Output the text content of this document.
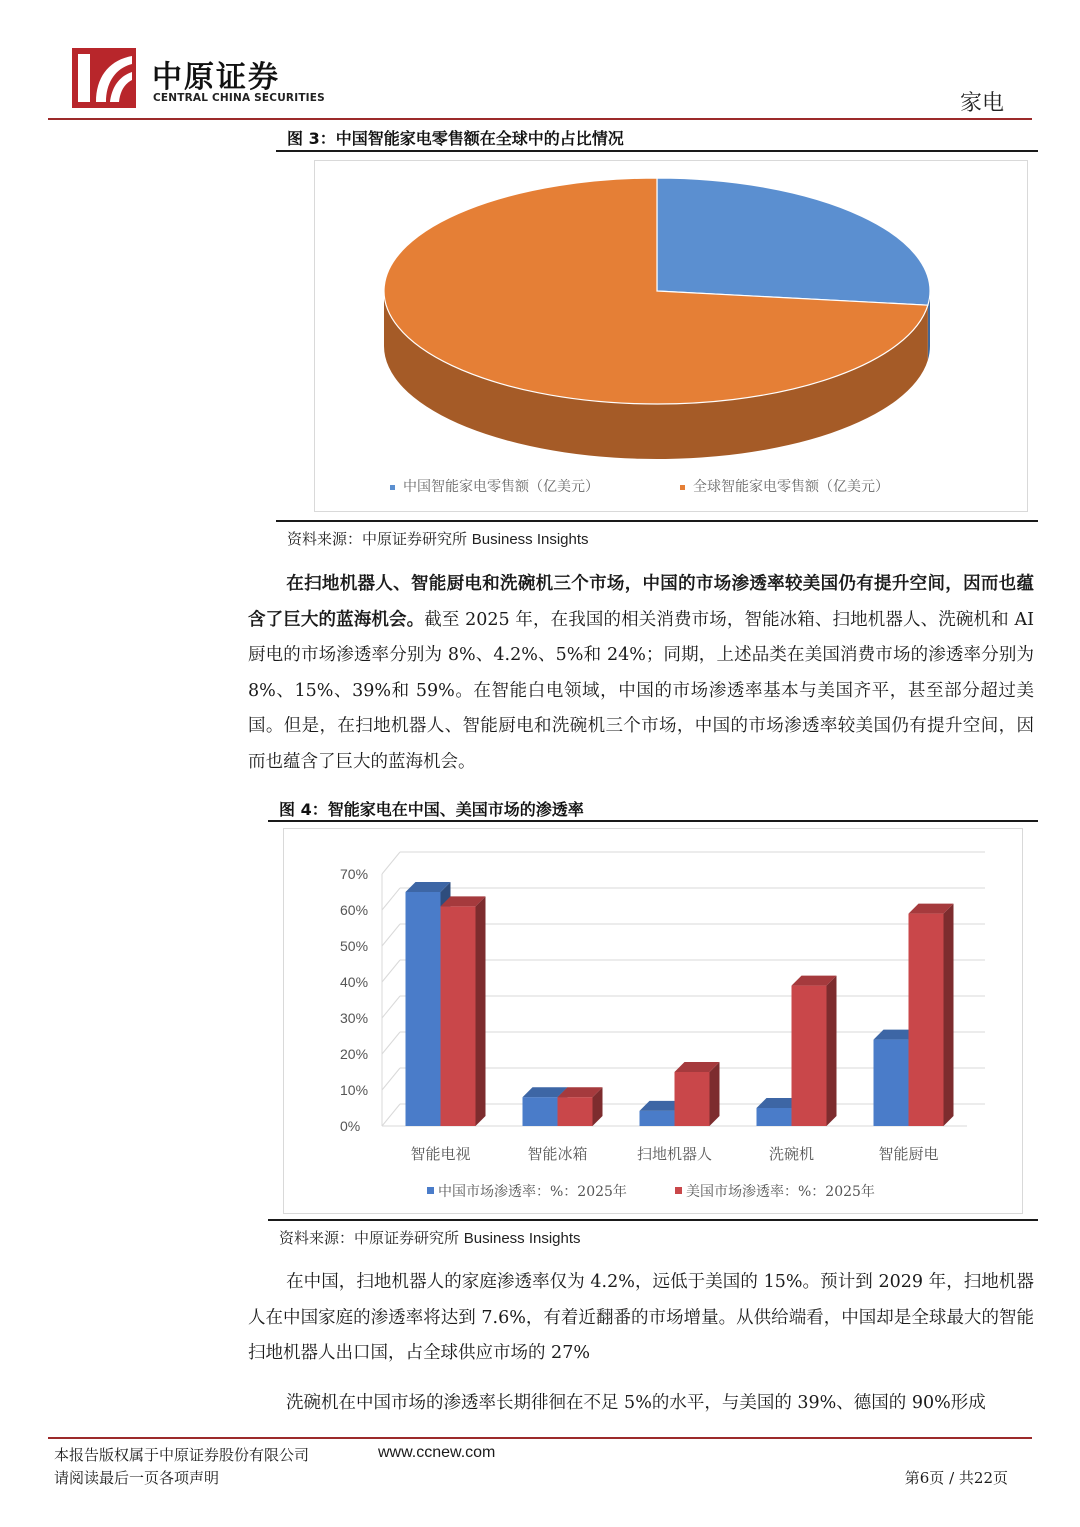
中原证券
CENTRAL CHINA SECURITIES	家电
图 3：中国智能家电零售额在全球中的占比情况
中国智能家电零售额（亿美元）	全球智能家电零售额（亿美元）
资料来源：中原证券研究所 Business Insights
在扫地机器人、智能厨电和洗碗机三个市场，中国的市场渗透率较美国仍有提升空间，因而也蕴含了巨大的蓝海机会。截至 2025 年，在我国的相关消费市场，智能冰箱、扫地机器人、洗碗机和 AI 厨电的市场渗透率分别为 8%、4.2%、5%和 24%；同期，上述品类在美国消费市场的渗透率分别为 8%、15%、39%和 59%。在智能白电领域，中国的市场渗透率基本与美国齐平，甚至部分超过美国。但是，在扫地机器人、智能厨电和洗碗机三个市场，中国的市场渗透率较美国仍有提升空间，因而也蕴含了巨大的蓝海机会。
图 4：智能家电在中国、美国市场的渗透率
0%
10%
20%
30%
40%
50%
60%
70%
智能电视	智能冰箱	扫地机器人	洗碗机	智能厨电
中国市场渗透率：%：2025年	美国市场渗透率：%：2025年
资料来源：中原证券研究所 Business Insights
在中国，扫地机器人的家庭渗透率仅为 4.2%，远低于美国的 15%。预计到 2029 年，扫地机器人在中国家庭的渗透率将达到 7.6%，有着近翻番的市场增量。从供给端看，中国却是全球最大的智能扫地机器人出口国，占全球供应市场的 27%
洗碗机在中国市场的渗透率长期徘徊在不足 5%的水平，与美国的 39%、德国的 90%形成
本报告版权属于中原证券股份有限公司	www.ccnew.com
请阅读最后一页各项声明	第6页 / 共22页
